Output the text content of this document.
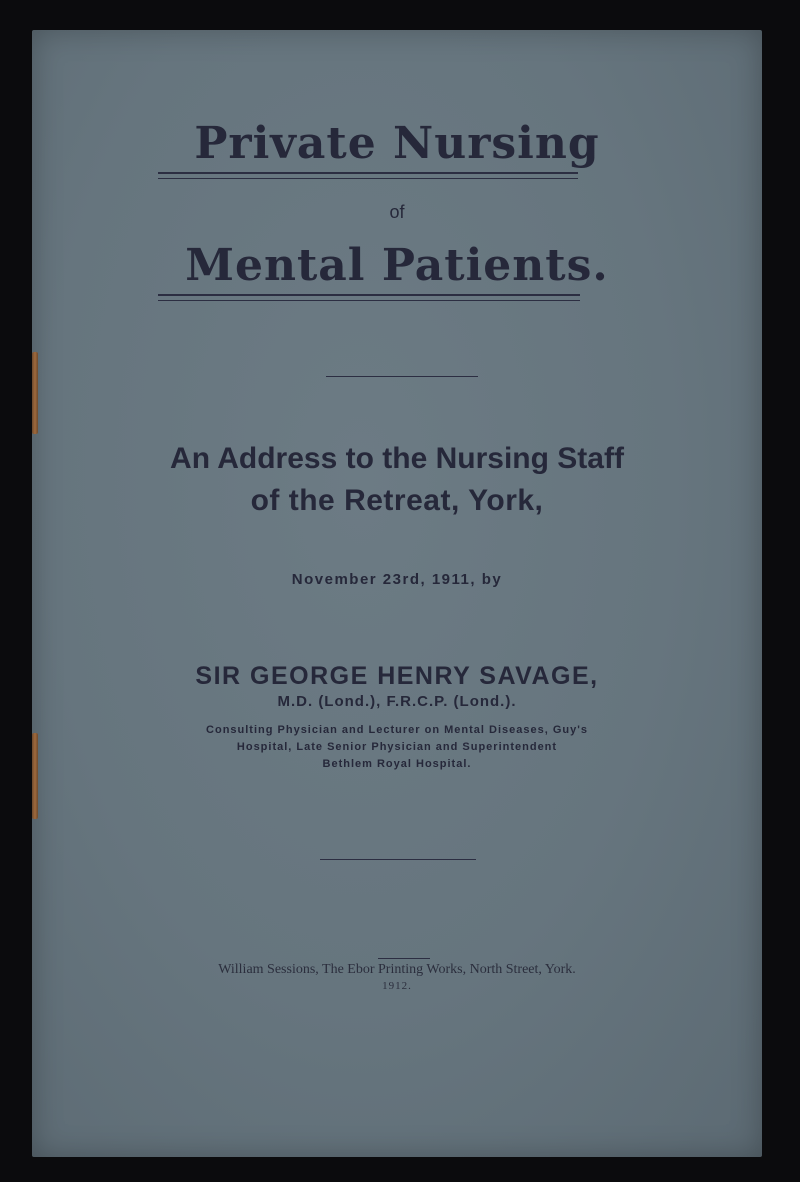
Private Nursing
of
Mental Patients.
An Address to the Nursing Staff
of the Retreat, York,
November 23rd, 1911, by
SIR GEORGE HENRY SAVAGE,
M.D. (Lond.), F.R.C.P. (Lond.).
Consulting Physician and Lecturer on Mental Diseases, Guy's
Hospital, Late Senior Physician and Superintendent
Bethlem Royal Hospital.
William Sessions, The Ebor Printing Works, North Street, York.
1912.
